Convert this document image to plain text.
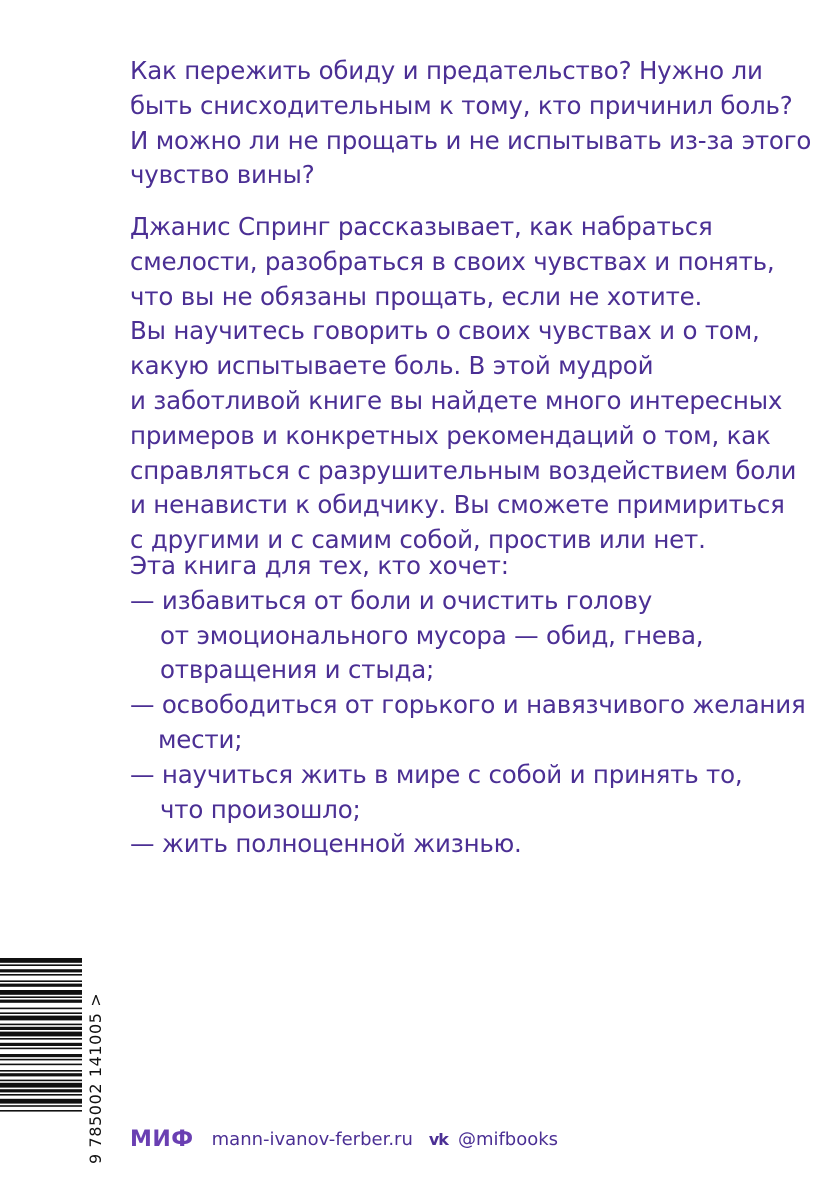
Как пережить обиду и предательство? Нужно ли
быть снисходительным к тому, кто причинил боль?
И можно ли не прощать и не испытывать из-за этого
чувство вины?
Джанис Спринг рассказывает, как набраться
смелости, разобраться в своих чувствах и понять,
что вы не обязаны прощать, если не хотите.
Вы научитесь говорить о своих чувствах и о том,
какую испытываете боль. В этой мудрой
и заботливой книге вы найдете много интересных
примеров и конкретных рекомендаций о том, как
справляться с разрушительным воздействием боли
и ненависти к обидчику. Вы сможете примириться
с другими и с самим собой, простив или нет.
Эта книга для тех, кто хочет:
— избавиться от боли и очистить голову
от эмоционального мусора — обид, гнева,
отвращения и стыда;
— освободиться от горького и навязчивого желания
мести;
— научиться жить в мире с собой и принять то,
что произошло;
— жить полноценной жизнью.
9 785002 141005 > МИФ mann-ivanov-ferber.ru vk @mifbooks
